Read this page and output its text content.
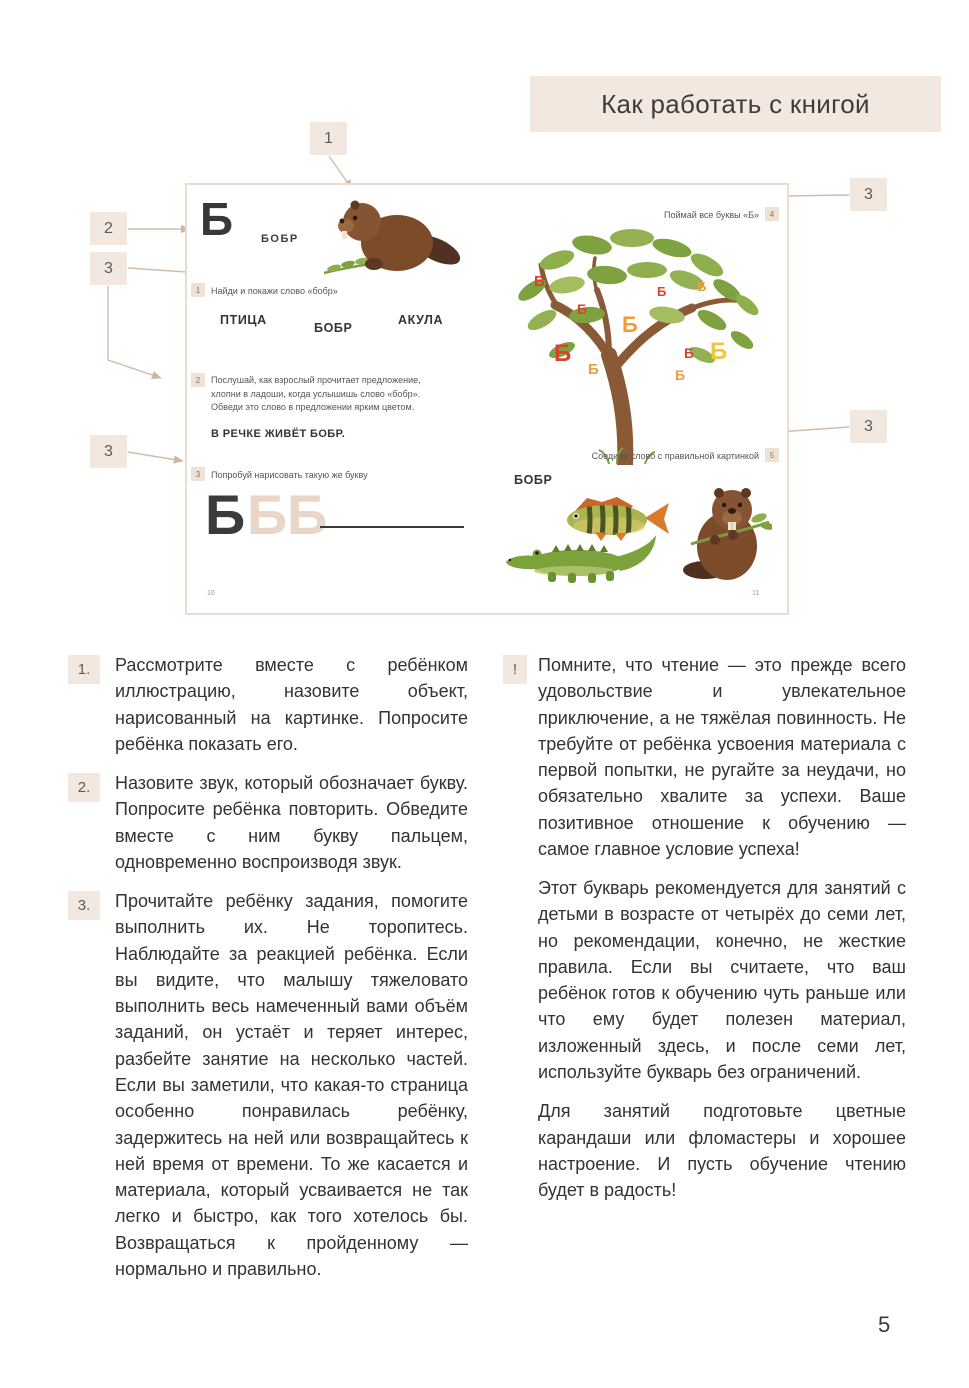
Как работать с книгой
1
2
3
3
3
3
Б	БОБР
1	Найди и покажи слово «бобр»
ПТИЦА
БОБР
АКУЛА
2	Послушай, как взрослый прочитает предложение, хлопни в ладоши, когда услышишь слово «бобр». Обведи это слово в предложении ярким цветом.
В РЕЧКЕ ЖИВЁТ БОБР.
3	Попробуй нарисовать такую же букву
Б Б Б
10
Поймай все буквы «Б»	4
Б
Б
Б
Б Б
Б
Б
Б Б
Б
Соедини слово с правильной картинкой	5
БОБР
11
1.	Рассмотрите вместе с ребёнком иллюстрацию, назовите объект, нарисованный на картинке. Попросите ребёнка показать его.
2.	Назовите звук, который обозначает букву. Попросите ребёнка повторить. Обведите вместе с ним букву пальцем, одновременно воспроизводя звук.
3.	Прочитайте ребёнку задания, помогите выполнить их. Не торопитесь. Наблюдайте за реакцией ребёнка. Если вы видите, что малышу тяжеловато выполнить весь намеченный вами объём заданий, он устаёт и теряет интерес, разбейте занятие на несколько частей. Если вы заметили, что какая-то страница особенно понравилась ребёнку, задержитесь на ней или возвращайтесь к ней время от времени. То же касается и материала, который усваивается не так легко и быстро, как того хотелось бы. Возвращаться к пройденному — нормально и правильно.
!	Помните, что чтение — это прежде всего удовольствие и увлекательное приключение, а не тяжёлая повинность. Не требуйте от ребёнка усвоения материала с первой попытки, не ругайте за неудачи, но обязательно хвалите за успехи. Ваше позитивное отношение к обучению — самое главное условие успеха!
Этот букварь рекомендуется для занятий с детьми в возрасте от четырёх до семи лет, но рекомендации, конечно, не жесткие правила. Если вы считаете, что ваш ребёнок готов к обучению чуть раньше или что ему будет полезен материал, изложенный здесь, и после семи лет, используйте букварь без ограничений.
Для занятий подготовьте цветные карандаши или фломастеры и хорошее настроение. И пусть обучение чтению будет в радость!
5
